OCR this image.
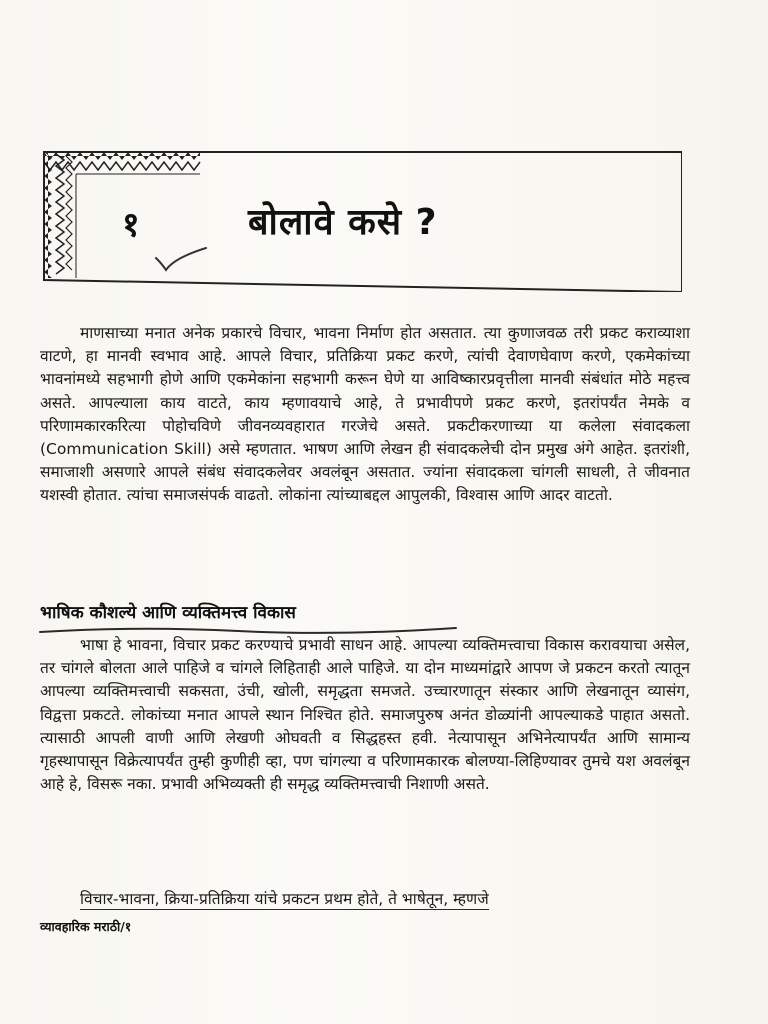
१	बोलावे कसे ?

माणसाच्या मनात अनेक प्रकारचे विचार, भावना निर्माण होत असतात. त्या कुणाजवळ तरी प्रकट कराव्याशा वाटणे, हा मानवी स्वभाव आहे. आपले विचार, प्रतिक्रिया प्रकट करणे, त्यांची देवाणघेवाण करणे, एकमेकांच्या भावनांमध्ये सहभागी होणे आणि एकमेकांना सहभागी करून घेणे या आविष्कारप्रवृत्तीला मानवी संबंधांत मोठे महत्त्व असते. आपल्याला काय वाटते, काय म्हणावयाचे आहे, ते प्रभावीपणे प्रकट करणे, इतरांपर्यंत नेमके व परिणामकारकरित्या पोहोचविणे जीवनव्यवहारात गरजेचे असते. प्रकटीकरणाच्या या कलेला संवादकला (Communication Skill) असे म्हणतात. भाषण आणि लेखन ही संवादकलेची दोन प्रमुख अंगे आहेत. इतरांशी, समाजाशी असणारे आपले संबंध संवादकलेवर अवलंबून असतात. ज्यांना संवादकला चांगली साधली, ते जीवनात यशस्वी होतात. त्यांचा समाजसंपर्क वाढतो. लोकांना त्यांच्याबद्दल आपुलकी, विश्वास आणि आदर वाटतो.

भाषिक कौशल्ये आणि व्यक्तिमत्त्व विकास

भाषा हे भावना, विचार प्रकट करण्याचे प्रभावी साधन आहे. आपल्या व्यक्तिमत्त्वाचा विकास करावयाचा असेल, तर चांगले बोलता आले पाहिजे व चांगले लिहिताही आले पाहिजे. या दोन माध्यमांद्वारे आपण जे प्रकटन करतो त्यातून आपल्या व्यक्तिमत्त्वाची सकसता, उंची, खोली, समृद्धता समजते. उच्चारणातून संस्कार आणि लेखनातून व्यासंग, विद्वत्ता प्रकटते. लोकांच्या मनात आपले स्थान निश्चित होते. समाजपुरुष अनंत डोळ्यांनी आपल्याकडे पाहात असतो. त्यासाठी आपली वाणी आणि लेखणी ओघवती व सिद्धहस्त हवी. नेत्यापासून अभिनेत्यापर्यंत आणि सामान्य गृहस्थापासून विक्रेत्यापर्यंत तुम्ही कुणीही व्हा, पण चांगल्या व परिणामकारक बोलण्या-लिहिण्यावर तुमचे यश अवलंबून आहे हे, विसरू नका. प्रभावी अभिव्यक्ती ही समृद्ध व्यक्तिमत्त्वाची निशाणी असते.

विचार-भावना, क्रिया-प्रतिक्रिया यांचे प्रकटन प्रथम होते, ते भाषेतून, म्हणजे

व्यावहारिक मराठी/१
